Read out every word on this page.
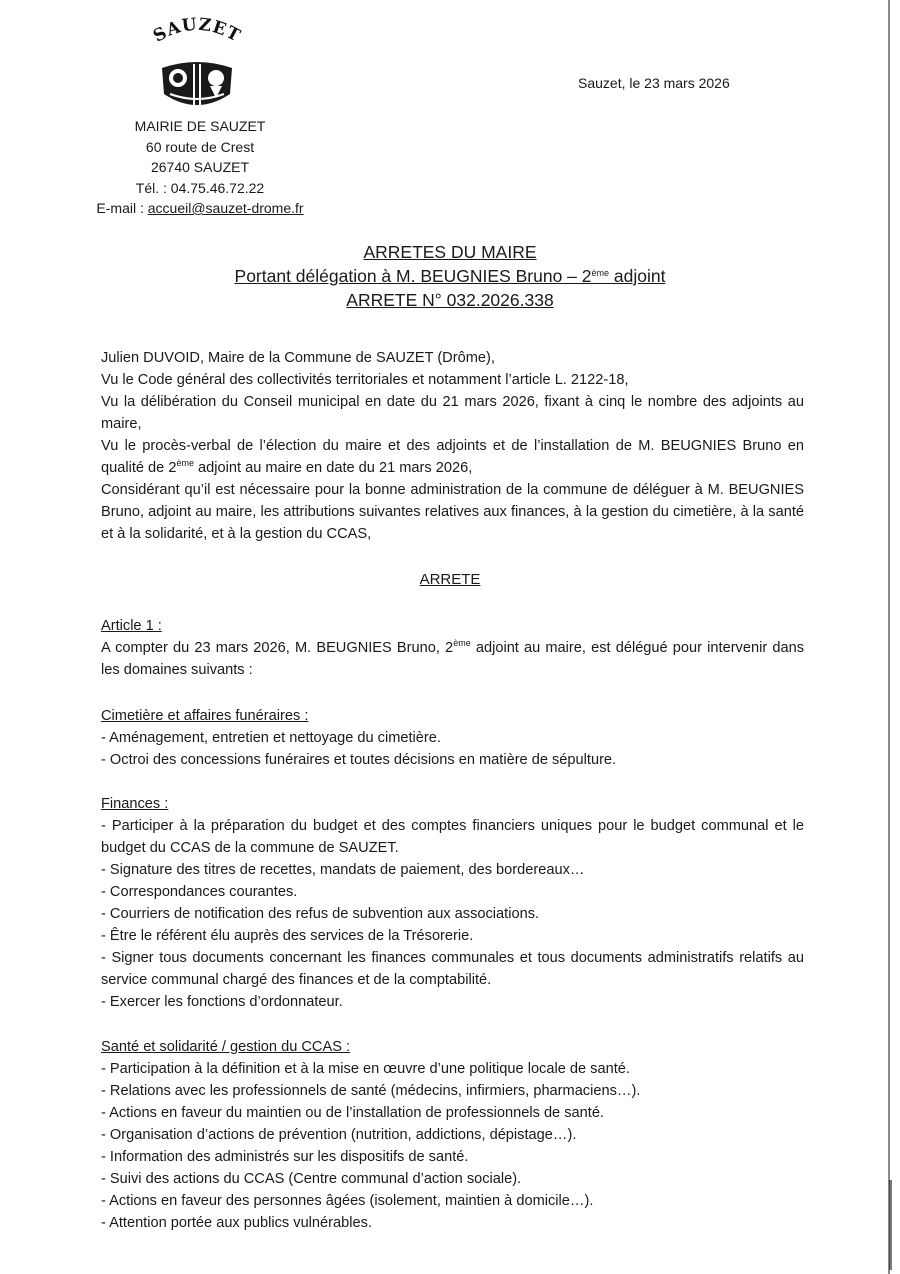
SAUZET
MAIRIE DE SAUZET
60 route de Crest
26740 SAUZET
Tél. : 04.75.46.72.22
E-mail : accueil@sauzet-drome.fr
Sauzet, le 23 mars 2026
ARRETES DU MAIRE
Portant délégation à M. BEUGNIES Bruno – 2ème adjoint
ARRETE N° 032.2026.338
Julien DUVOID, Maire de la Commune de SAUZET (Drôme),
Vu le Code général des collectivités territoriales et notamment l’article L. 2122-18,
Vu la délibération du Conseil municipal en date du 21 mars 2026, fixant à cinq le nombre des adjoints au maire,
Vu le procès-verbal de l’élection du maire et des adjoints et de l’installation de M. BEUGNIES Bruno en qualité de 2ème adjoint au maire en date du 21 mars 2026,
Considérant qu’il est nécessaire pour la bonne administration de la commune de déléguer à M. BEUGNIES Bruno, adjoint au maire, les attributions suivantes relatives aux finances, à la gestion du cimetière, à la santé et à la solidarité, et à la gestion du CCAS,
ARRETE
Article 1 :
A compter du 23 mars 2026, M. BEUGNIES Bruno, 2ème adjoint au maire, est délégué pour intervenir dans les domaines suivants :
Cimetière et affaires funéraires :
- Aménagement, entretien et nettoyage du cimetière.
- Octroi des concessions funéraires et toutes décisions en matière de sépulture.
Finances :
- Participer à la préparation du budget et des comptes financiers uniques pour le budget communal et le budget du CCAS de la commune de SAUZET.
- Signature des titres de recettes, mandats de paiement, des bordereaux…
- Correspondances courantes.
- Courriers de notification des refus de subvention aux associations.
- Être le référent élu auprès des services de la Trésorerie.
- Signer tous documents concernant les finances communales et tous documents administratifs relatifs au service communal chargé des finances et de la comptabilité.
- Exercer les fonctions d’ordonnateur.
Santé et solidarité / gestion du CCAS :
- Participation à la définition et à la mise en œuvre d’une politique locale de santé.
- Relations avec les professionnels de santé (médecins, infirmiers, pharmaciens…).
- Actions en faveur du maintien ou de l’installation de professionnels de santé.
- Organisation d’actions de prévention (nutrition, addictions, dépistage…).
- Information des administrés sur les dispositifs de santé.
- Suivi des actions du CCAS (Centre communal d’action sociale).
- Actions en faveur des personnes âgées (isolement, maintien à domicile…).
- Attention portée aux publics vulnérables.
